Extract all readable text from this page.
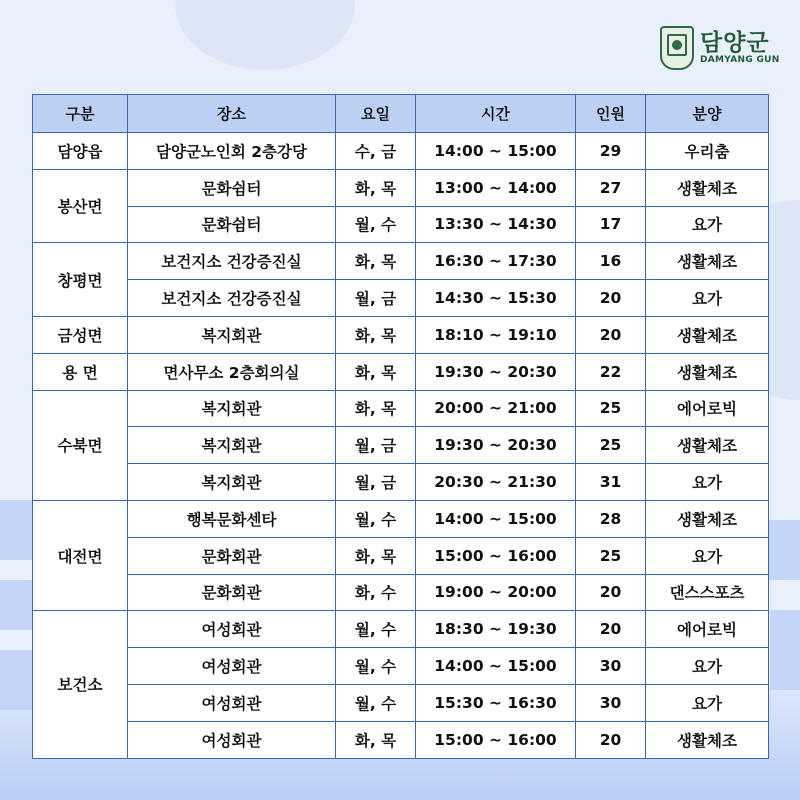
담양군
DAMYANG GUN
구분	장소	요일	시간	인원	분양
담양읍	담양군노인회 2층강당	수, 금	14:00 ~ 15:00	29	우리춤
봉산면	문화쉼터	화, 목	13:00 ~ 14:00	27	생활체조
	문화쉼터	월, 수	13:30 ~ 14:30	17	요가
창평면	보건지소 건강증진실	화, 목	16:30 ~ 17:30	16	생활체조
	보건지소 건강증진실	월, 금	14:30 ~ 15:30	20	요가
금성면	복지회관	화, 목	18:10 ~ 19:10	20	생활체조
용 면	면사무소 2층회의실	화, 목	19:30 ~ 20:30	22	생활체조
수북면	복지회관	화, 목	20:00 ~ 21:00	25	에어로빅
	복지회관	월, 금	19:30 ~ 20:30	25	생활체조
	복지회관	월, 금	20:30 ~ 21:30	31	요가
대전면	행복문화센타	월, 수	14:00 ~ 15:00	28	생활체조
	문화회관	화, 목	15:00 ~ 16:00	25	요가
	문화회관	화, 수	19:00 ~ 20:00	20	댄스스포츠
보건소	여성회관	월, 수	18:30 ~ 19:30	20	에어로빅
	여성회관	월, 수	14:00 ~ 15:00	30	요가
	여성회관	월, 수	15:30 ~ 16:30	30	요가
	여성회관	화, 목	15:00 ~ 16:00	20	생활체조
